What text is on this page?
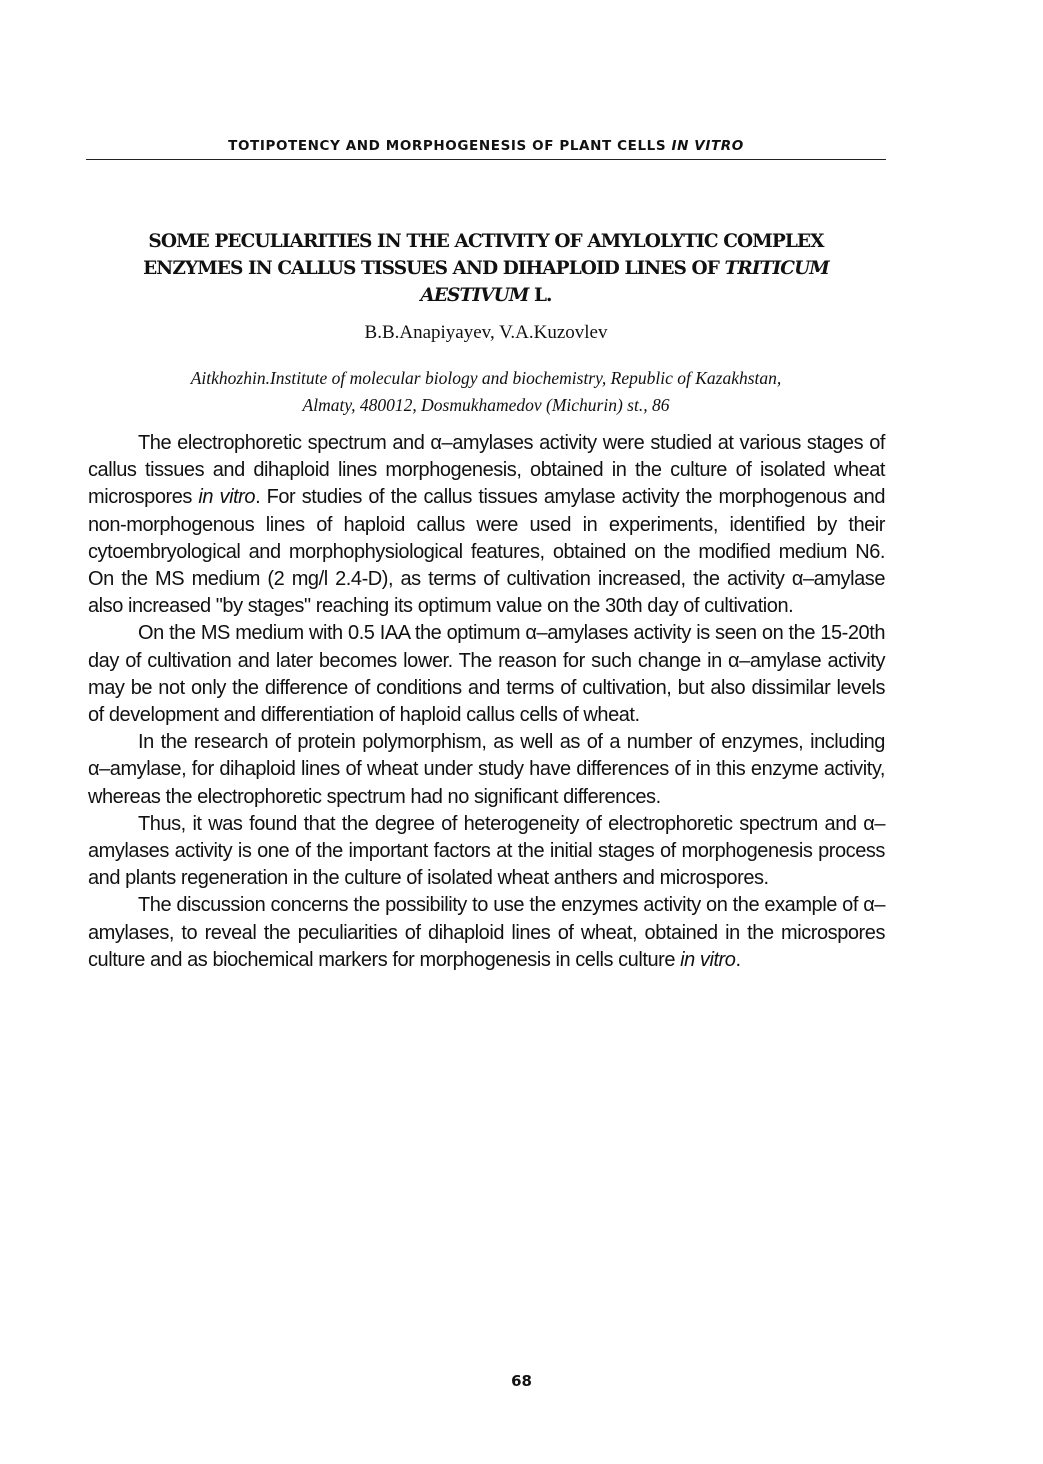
TOTIPOTENCY AND MORPHOGENESIS OF PLANT CELLS IN VITRO
SOME PECULIARITIES IN THE ACTIVITY OF AMYLOLYTIC COMPLEX
ENZYMES IN CALLUS TISSUES AND DIHAPLOID LINES OF TRITICUM
AESTIVUM L.
B.B.Anapiyayev, V.A.Kuzovlev
Aitkhozhin.Institute of molecular biology and biochemistry, Republic of Kazakhstan,
Almaty, 480012, Dosmukhamedov (Michurin) st., 86

The electrophoretic spectrum and α–amylases activity were studied at various stages of callus tissues and dihaploid lines morphogenesis, obtained in the culture of isolated wheat microspores in vitro. For studies of the callus tissues amylase activity the morphogenous and non-morphogenous lines of haploid callus were used in experiments, identified by their cytoembryological and morphophysiological features, obtained on the modified medium N6. On the MS medium (2 mg/l 2.4-D), as terms of cultivation increased, the activity α–amylase also increased "by stages" reaching its optimum value on the 30th day of cultivation.

On the MS medium with 0.5 IAA the optimum α–amylases activity is seen on the 15-20th day of cultivation and later becomes lower. The reason for such change in α–amylase activity may be not only the difference of conditions and terms of cultivation, but also dissimilar levels of development and differentiation of haploid callus cells of wheat.

In the research of protein polymorphism, as well as of a number of enzymes, including α–amylase, for dihaploid lines of wheat under study have differences of in this enzyme activity, whereas the electrophoretic spectrum had no significant differences.

Thus, it was found that the degree of heterogeneity of electrophoretic spectrum and α–amylases activity is one of the important factors at the initial stages of morphogenesis process and plants regeneration in the culture of isolated wheat anthers and microspores.

The discussion concerns the possibility to use the enzymes activity on the example of α–amylases, to reveal the peculiarities of dihaploid lines of wheat, obtained in the microspores culture and as biochemical markers for morphogenesis in cells culture in vitro.

68
